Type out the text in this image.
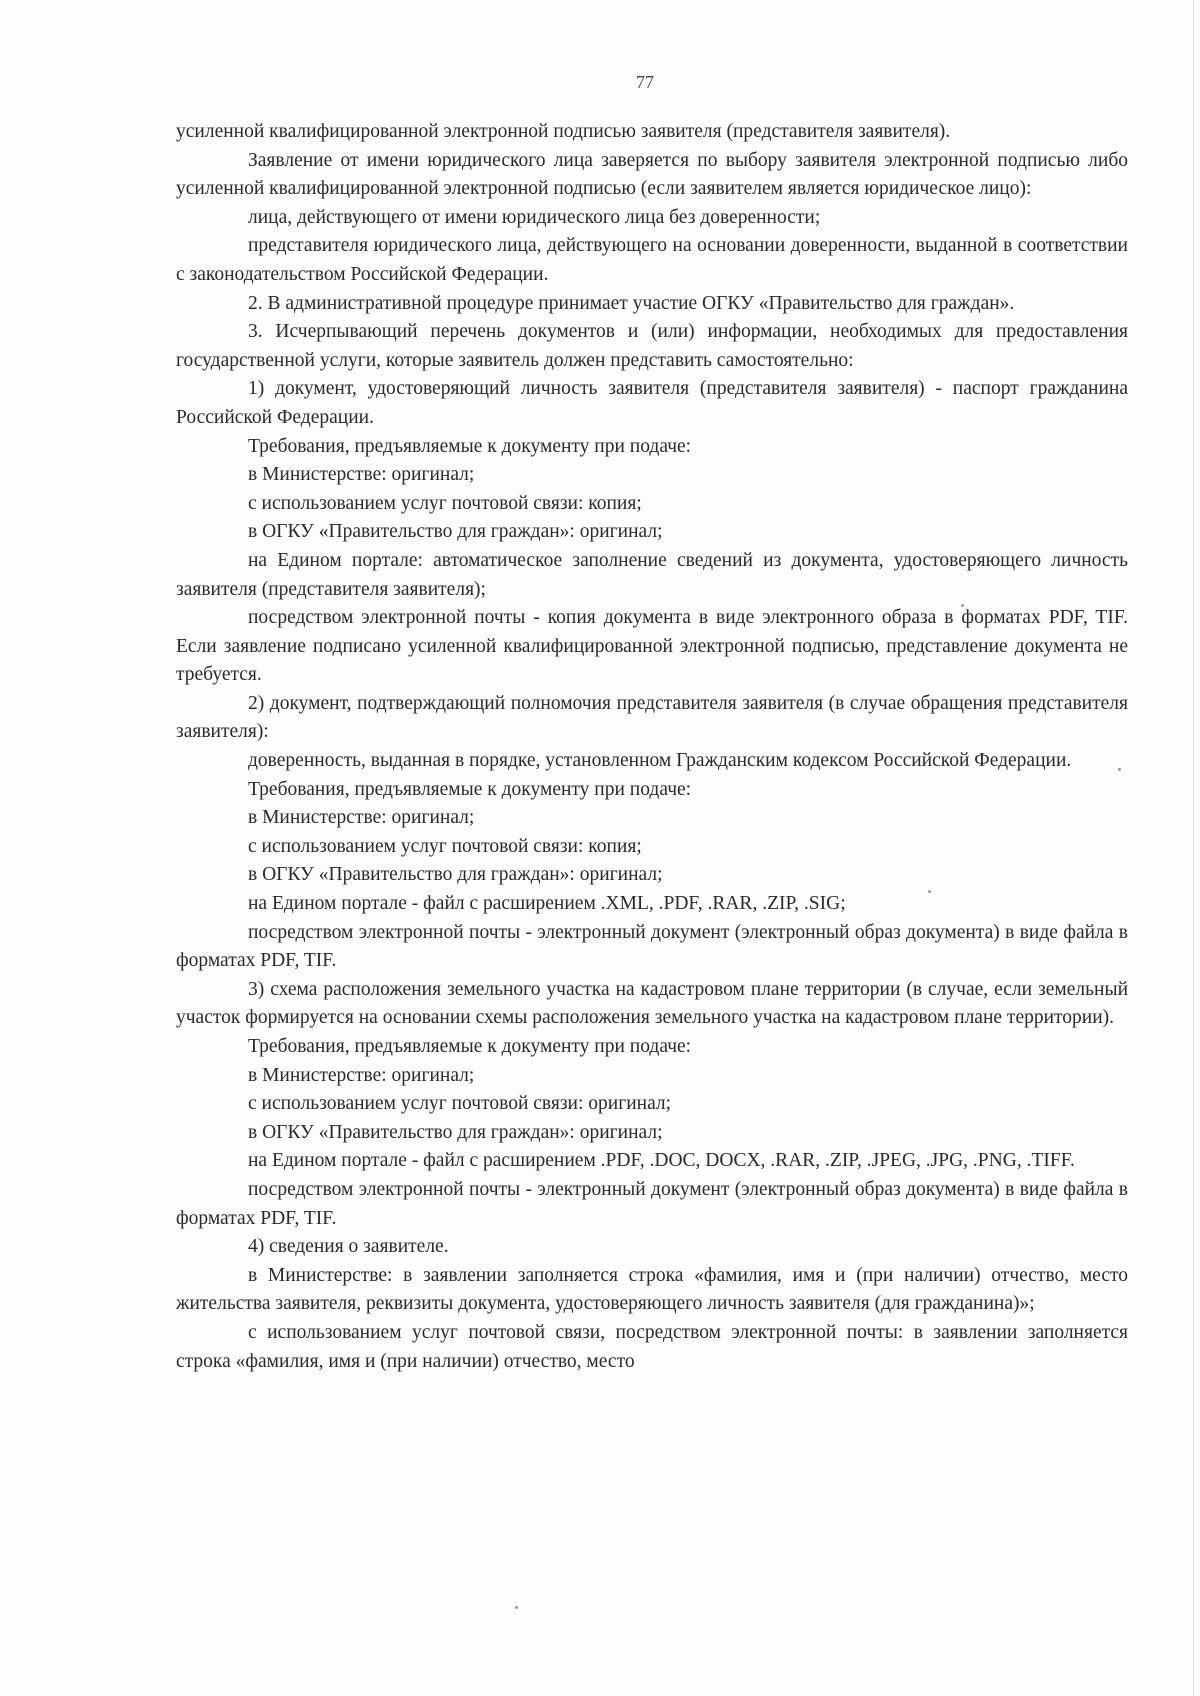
77

усиленной квалифицированной электронной подписью заявителя (представителя заявителя).

Заявление от имени юридического лица заверяется по выбору заявителя электронной подписью либо усиленной квалифицированной электронной подписью (если заявителем является юридическое лицо):

лица, действующего от имени юридического лица без доверенности;

представителя юридического лица, действующего на основании доверенности, выданной в соответствии с законодательством Российской Федерации.

2. В административной процедуре принимает участие ОГКУ «Правительство для граждан».

3. Исчерпывающий перечень документов и (или) информации, необходимых для предоставления государственной услуги, которые заявитель должен представить самостоятельно:

1) документ, удостоверяющий личность заявителя (представителя заявителя) - паспорт гражданина Российской Федерации.

Требования, предъявляемые к документу при подаче:

в Министерстве: оригинал;

с использованием услуг почтовой связи: копия;

в ОГКУ «Правительство для граждан»: оригинал;

на Едином портале: автоматическое заполнение сведений из документа, удостоверяющего личность заявителя (представителя заявителя);

посредством электронной почты - копия документа в виде электронного образа в форматах PDF, TIF. Если заявление подписано усиленной квалифицированной электронной подписью, представление документа не требуется.

2) документ, подтверждающий полномочия представителя заявителя (в случае обращения представителя заявителя):

доверенность, выданная в порядке, установленном Гражданским кодексом Российской Федерации.

Требования, предъявляемые к документу при подаче:

в Министерстве: оригинал;

с использованием услуг почтовой связи: копия;

в ОГКУ «Правительство для граждан»: оригинал;

на Едином портале - файл с расширением .XML, .PDF, .RAR, .ZIP, .SIG;

посредством электронной почты - электронный документ (электронный образ документа) в виде файла в форматах PDF, TIF.

3) схема расположения земельного участка на кадастровом плане территории (в случае, если земельный участок формируется на основании схемы расположения земельного участка на кадастровом плане территории).

Требования, предъявляемые к документу при подаче:

в Министерстве: оригинал;

с использованием услуг почтовой связи: оригинал;

в ОГКУ «Правительство для граждан»: оригинал;

на Едином портале - файл с расширением .PDF, .DOC, DOCX, .RAR, .ZIP, .JPEG, .JPG, .PNG, .TIFF.

посредством электронной почты - электронный документ (электронный образ документа) в виде файла в форматах PDF, TIF.

4) сведения о заявителе.

в Министерстве: в заявлении заполняется строка «фамилия, имя и (при наличии) отчество, место жительства заявителя, реквизиты документа, удостоверяющего личность заявителя (для гражданина)»;

с использованием услуг почтовой связи, посредством электронной почты: в заявлении заполняется строка «фамилия, имя и (при наличии) отчество, место
